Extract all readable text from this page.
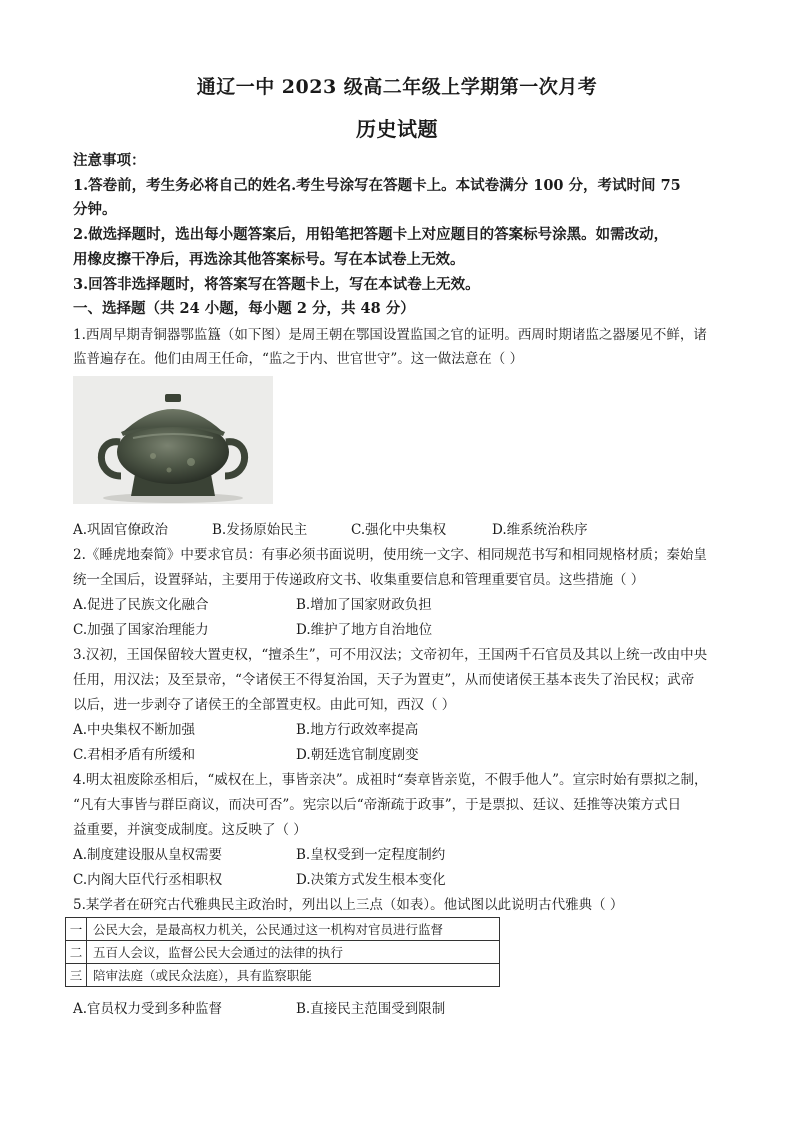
通辽一中 2023 级高二年级上学期第一次月考
历史试题
注意事项：
1.答卷前，考生务必将自己的姓名.考生号涂写在答题卡上。本试卷满分 100 分，考试时间 75
分钟。
2.做选择题时，选出每小题答案后，用铅笔把答题卡上对应题目的答案标号涂黑。如需改动，
用橡皮擦干净后，再选涂其他答案标号。写在本试卷上无效。
3.回答非选择题时，将答案写在答题卡上，写在本试卷上无效。
一、选择题（共 24 小题，每小题 2 分，共 48 分）
1.西周早期青铜器鄂监簋（如下图）是周王朝在鄂国设置监国之官的证明。西周时期诸监之器屡见不鲜，诸
监普遍存在。他们由周王任命，“监之于内、世官世守”。这一做法意在（ ）
A.巩固官僚政治	B.发扬原始民主	C.强化中央集权	D.维系统治秩序
2.《睡虎地秦简》中要求官员：有事必须书面说明，使用统一文字、相同规范书写和相同规格材质；秦始皇
统一全国后，设置驿站，主要用于传递政府文书、收集重要信息和管理重要官员。这些措施（ ）
A.促进了民族文化融合	B.增加了国家财政负担
C.加强了国家治理能力	D.维护了地方自治地位
3.汉初，王国保留较大置吏权，“擅杀生”，可不用汉法；文帝初年，王国两千石官员及其以上统一改由中央
任用，用汉法；及至景帝，“令诸侯王不得复治国，天子为置吏”，从而使诸侯王基本丧失了治民权；武帝
以后，进一步剥夺了诸侯王的全部置吏权。由此可知，西汉（ ）
A.中央集权不断加强	B.地方行政效率提高
C.君相矛盾有所缓和	D.朝廷选官制度剧变
4.明太祖废除丞相后，“威权在上，事皆亲决”。成祖时“奏章皆亲览，不假手他人”。宣宗时始有票拟之制，
“凡有大事皆与群臣商议，而决可否”。宪宗以后“帝渐疏于政事”，于是票拟、廷议、廷推等决策方式日
益重要，并演变成制度。这反映了（ ）
A.制度建设服从皇权需要	B.皇权受到一定程度制约
C.内阁大臣代行丞相职权	D.决策方式发生根本变化
5.某学者在研究古代雅典民主政治时，列出以上三点（如表）。他试图以此说明古代雅典（ ）
一	公民大会，是最高权力机关，公民通过这一机构对官员进行监督
二	五百人会议，监督公民大会通过的法律的执行
三	陪审法庭（或民众法庭），具有监察职能
A.官员权力受到多种监督	B.直接民主范围受到限制
